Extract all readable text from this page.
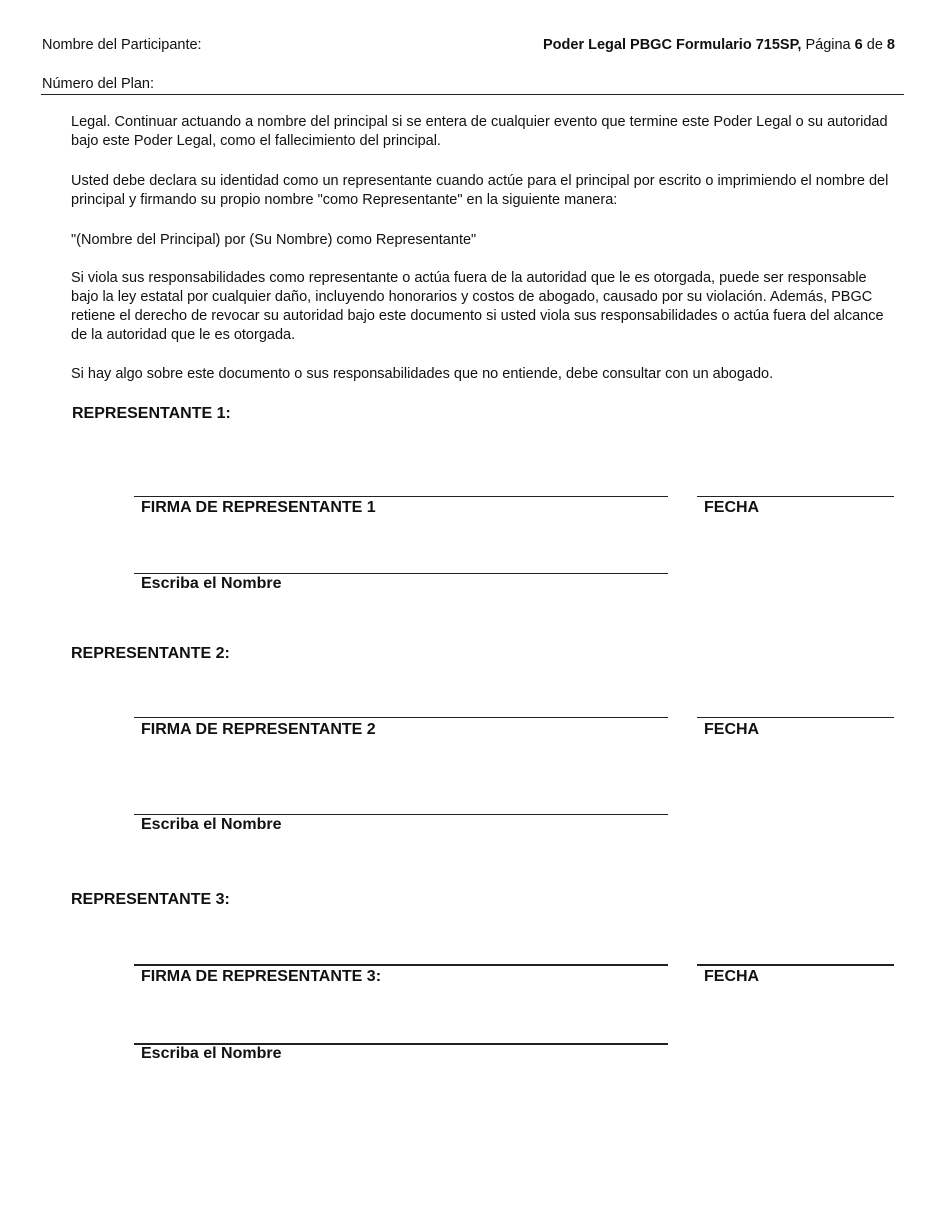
Nombre del Participante:	Poder Legal PBGC Formulario 715SP, Página 6 de 8
Número del Plan:
Legal. Continuar actuando a nombre del principal si se entera de cualquier evento que termine este Poder Legal o su autoridad bajo este Poder Legal, como el fallecimiento del principal.
Usted debe declara su identidad como un representante cuando actúe para el principal por escrito o imprimiendo el nombre del principal y firmando su propio nombre "como Representante" en la siguiente manera:
"(Nombre del Principal) por (Su Nombre) como Representante"
Si viola sus responsabilidades como representante o actúa fuera de la autoridad que le es otorgada, puede ser responsable bajo la ley estatal por cualquier daño, incluyendo honorarios y costos de abogado, causado por su violación. Además, PBGC retiene el derecho de revocar su autoridad bajo este documento si usted viola sus responsabilidades o actúa fuera del alcance de la autoridad que le es otorgada.
Si hay algo sobre este documento o sus responsabilidades que no entiende, debe consultar con un abogado.
REPRESENTANTE 1:
FIRMA DE REPRESENTANTE 1	FECHA
Escriba el Nombre
REPRESENTANTE 2:
FIRMA DE REPRESENTANTE 2	FECHA
Escriba el Nombre
REPRESENTANTE 3:
FIRMA DE REPRESENTANTE 3:	FECHA
Escriba el Nombre
